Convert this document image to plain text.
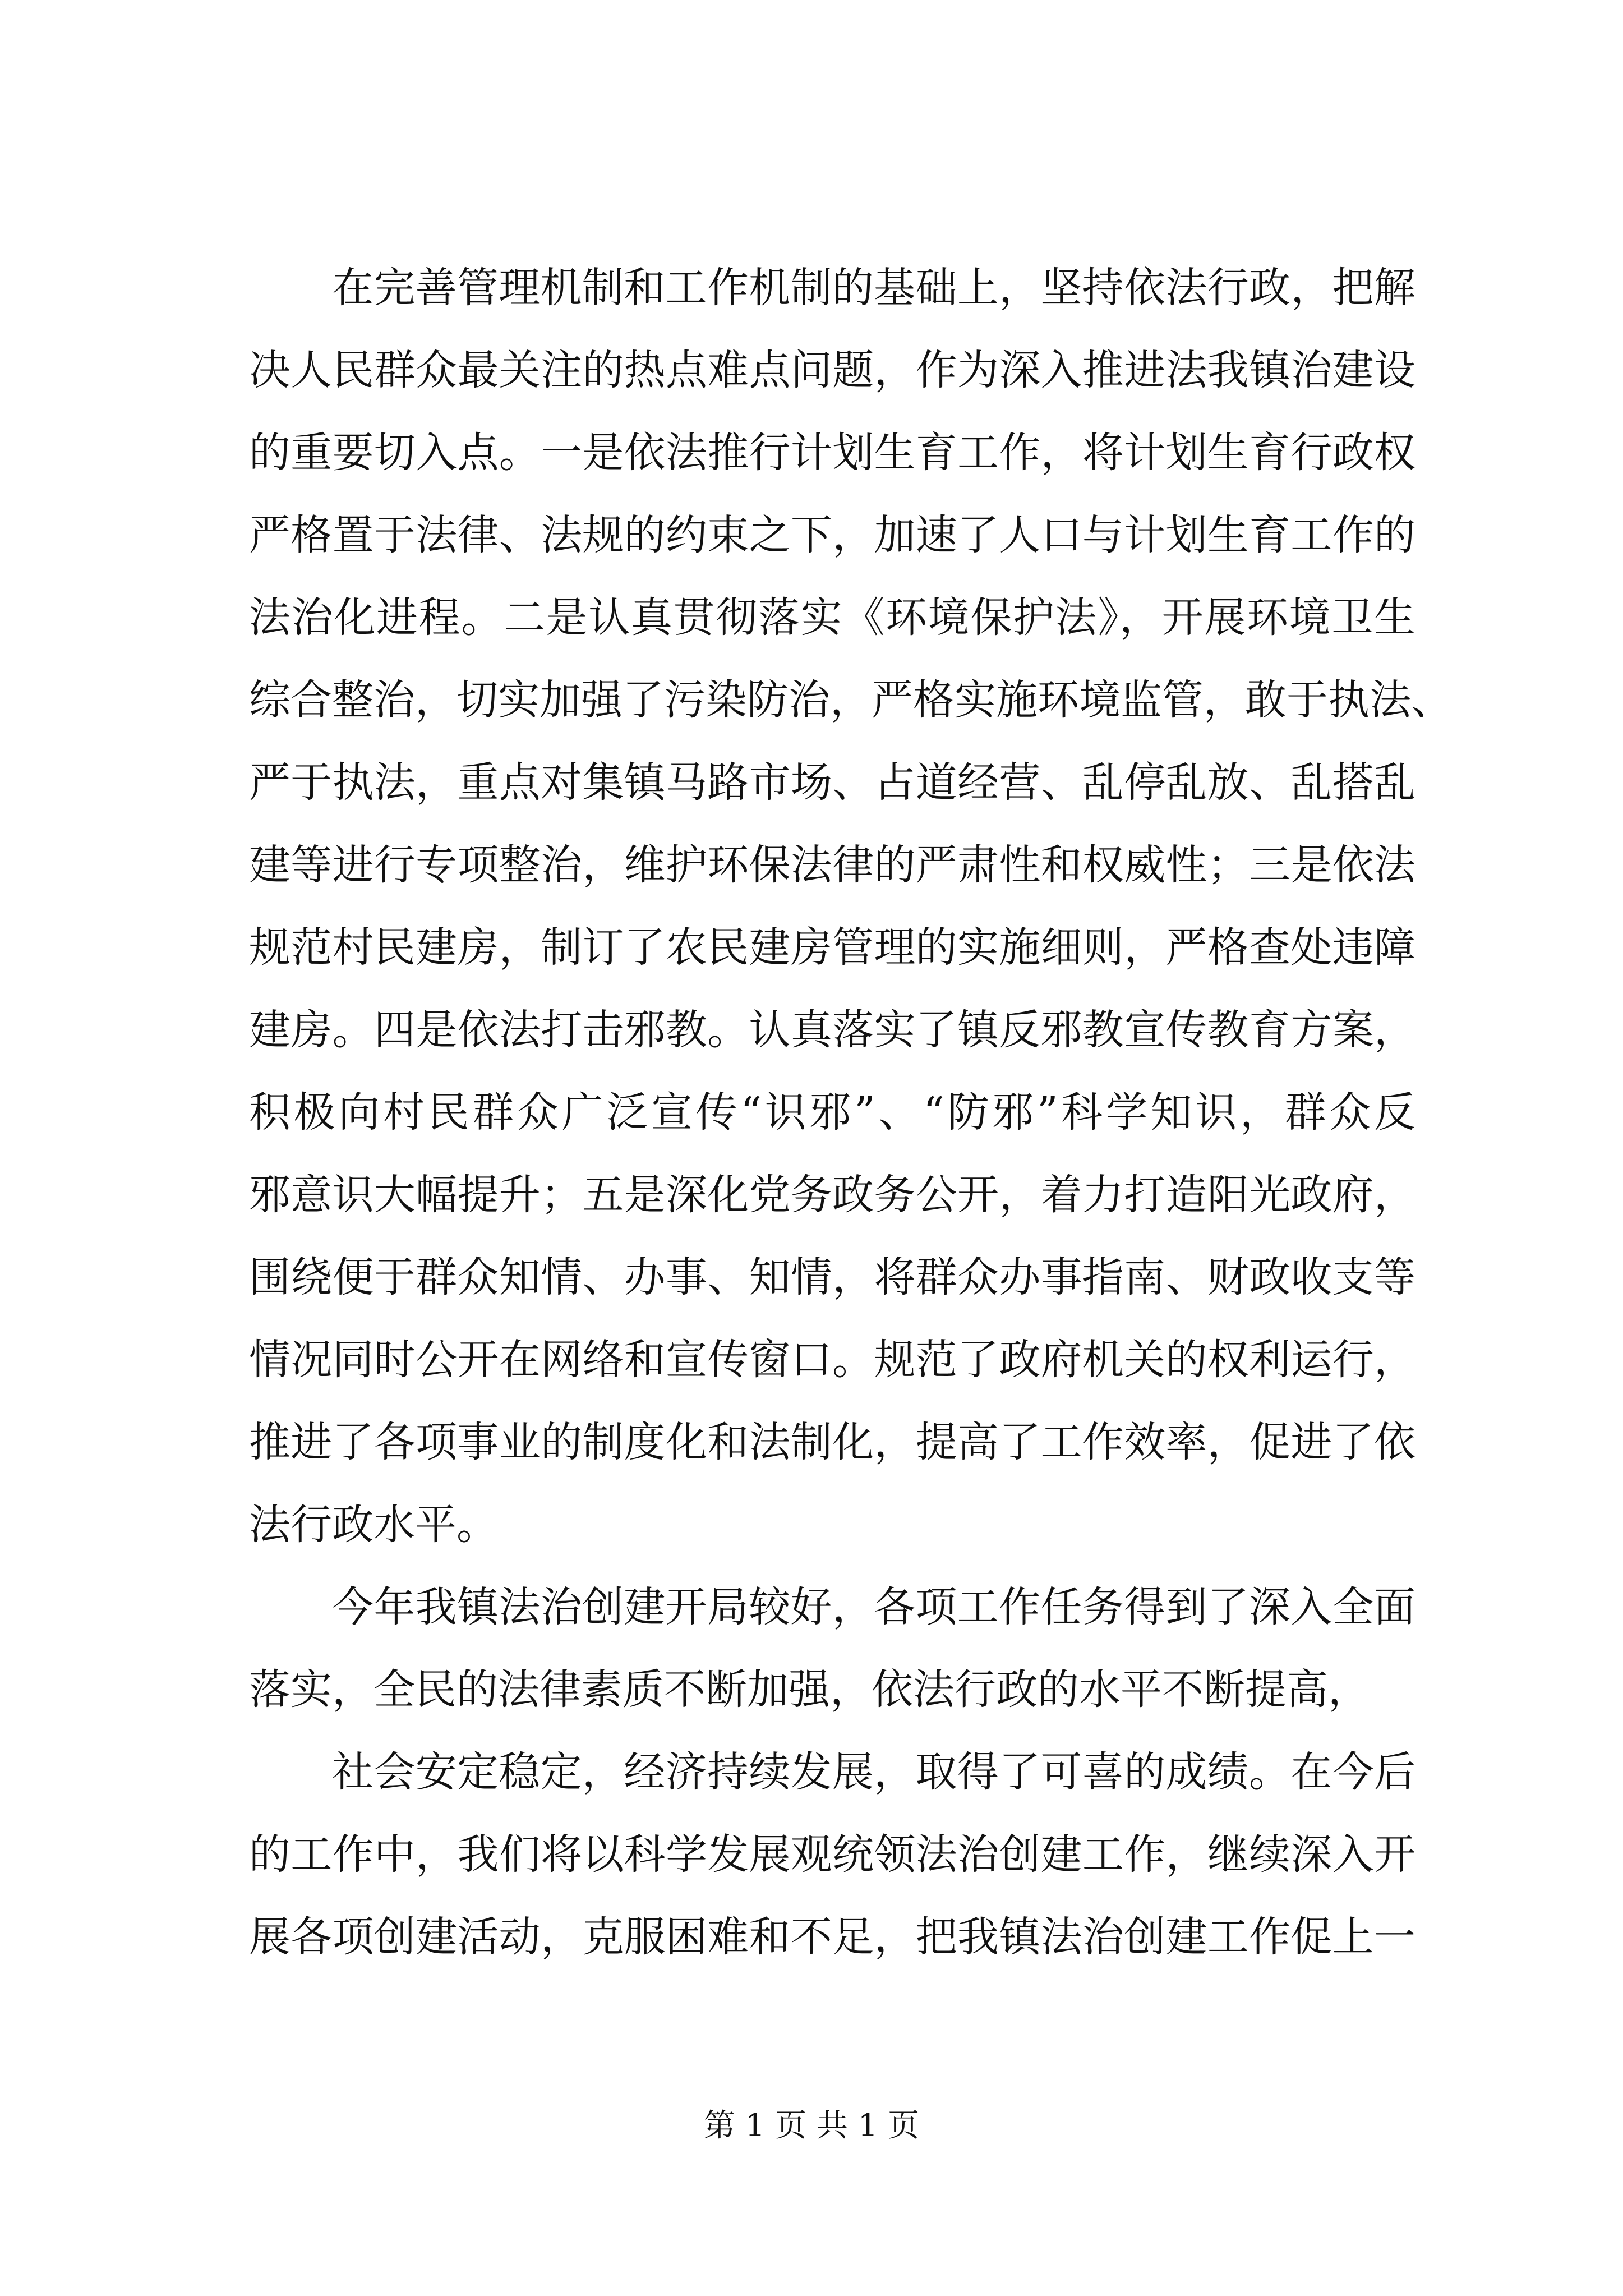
在完善管理机制和工作机制的基础上，坚持依法行政，把解
决人民群众最关注的热点难点问题，作为深入推进法我镇治建设
的重要切入点。一是依法推行计划生育工作，将计划生育行政权
严格置于法律、法规的约束之下，加速了人口与计划生育工作的
法治化进程。二是认真贯彻落实《环境保护法》，开展环境卫生
综合整治，切实加强了污染防治，严格实施环境监管，敢于执法、
严于执法，重点对集镇马路市场、占道经营、乱停乱放、乱搭乱
建等进行专项整治，维护环保法律的严肃性和权威性；三是依法
规范村民建房，制订了农民建房管理的实施细则，严格查处违障
建房。四是依法打击邪教。认真落实了镇反邪教宣传教育方案，
积极向村民群众广泛宣传“识邪”、“防邪”科学知识，群众反
邪意识大幅提升；五是深化党务政务公开，着力打造阳光政府，
围绕便于群众知情、办事、知情，将群众办事指南、财政收支等
情况同时公开在网络和宣传窗口。规范了政府机关的权利运行，
推进了各项事业的制度化和法制化，提高了工作效率，促进了依
法行政水平。
今年我镇法治创建开局较好，各项工作任务得到了深入全面
落实，全民的法律素质不断加强，依法行政的水平不断提高，
社会安定稳定，经济持续发展，取得了可喜的成绩。在今后
的工作中，我们将以科学发展观统领法治创建工作，继续深入开
展各项创建活动，克服困难和不足，把我镇法治创建工作促上一
第 1 页 共 1 页
